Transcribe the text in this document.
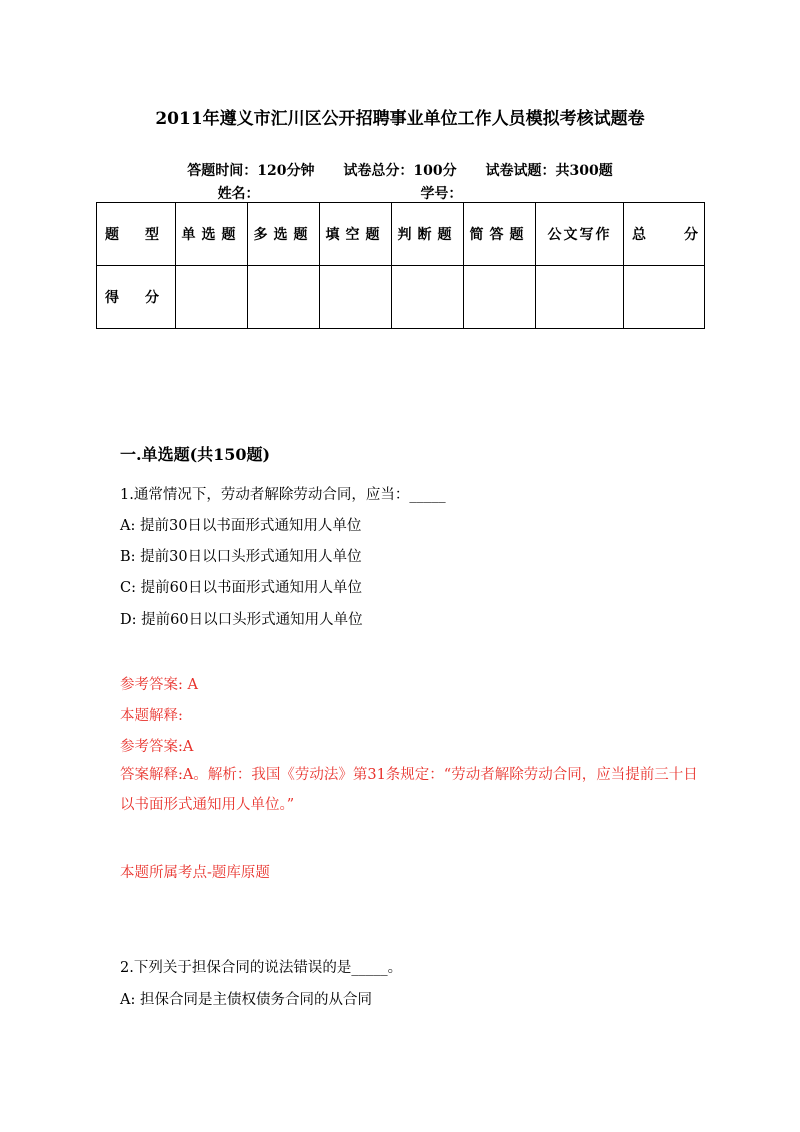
2011年遵义市汇川区公开招聘事业单位工作人员模拟考核试题卷
答题时间：120分钟 试卷总分：100分 试卷试题：共300题
姓名：	学号：
题 型	单选题	多选题	填空题	判断题	简答题	公文写作	总 分

得 分							
一.单选题(共150题)
1.通常情况下，劳动者解除劳动合同，应当：_____
A: 提前30日以书面形式通知用人单位
B: 提前30日以口头形式通知用人单位
C: 提前60日以书面形式通知用人单位
D: 提前60日以口头形式通知用人单位
参考答案: A
本题解释:
参考答案:A
答案解释:A。解析：我国《劳动法》第31条规定：“劳动者解除劳动合同，应当提前三十日以书面形式通知用人单位。”
本题所属考点-题库原题
2.下列关于担保合同的说法错误的是_____。
A: 担保合同是主债权债务合同的从合同
